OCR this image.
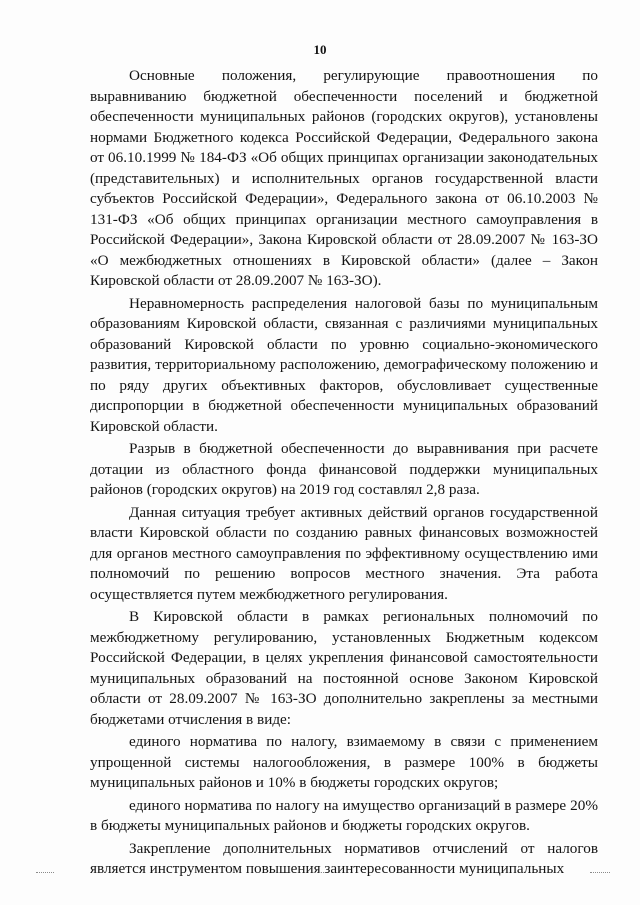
10

Основные положения, регулирующие правоотношения по выравниванию бюджетной обеспеченности поселений и бюджетной обеспеченности муниципальных районов (городских округов), установлены нормами Бюджетного кодекса Российской Федерации, Федерального закона от 06.10.1999 № 184-ФЗ «Об общих принципах организации законодательных (представительных) и исполнительных органов государственной власти субъектов Российской Федерации», Федерального закона от 06.10.2003 № 131-ФЗ «Об общих принципах организации местного самоуправления в Российской Федерации», Закона Кировской области от 28.09.2007 № 163-ЗО «О межбюджетных отношениях в Кировской области» (далее – Закон Кировской области от 28.09.2007 № 163-ЗО).

Неравномерность распределения налоговой базы по муниципальным образованиям Кировской области, связанная с различиями муниципальных образований Кировской области по уровню социально-экономического развития, территориальному расположению, демографическому положению и по ряду других объективных факторов, обусловливает существенные диспропорции в бюджетной обеспеченности муниципальных образований Кировской области.

Разрыв в бюджетной обеспеченности до выравнивания при расчете дотации из областного фонда финансовой поддержки муниципальных районов (городских округов) на 2019 год составлял 2,8 раза.

Данная ситуация требует активных действий органов государственной власти Кировской области по созданию равных финансовых возможностей для органов местного самоуправления по эффективному осуществлению ими полномочий по решению вопросов местного значения. Эта работа осуществляется путем межбюджетного регулирования.

В Кировской области в рамках региональных полномочий по межбюджетному регулированию, установленных Бюджетным кодексом Российской Федерации, в целях укрепления финансовой самостоятельности муниципальных образований на постоянной основе Законом Кировской области от 28.09.2007 № 163-ЗО дополнительно закреплены за местными бюджетами отчисления в виде:

единого норматива по налогу, взимаемому в связи с применением упрощенной системы налогообложения, в размере 100% в бюджеты муниципальных районов и 10% в бюджеты городских округов;

единого норматива по налогу на имущество организаций в размере 20% в бюджеты муниципальных районов и бюджеты городских округов.

Закрепление дополнительных нормативов отчислений от налогов является инструментом повышения заинтересованности муниципальных
